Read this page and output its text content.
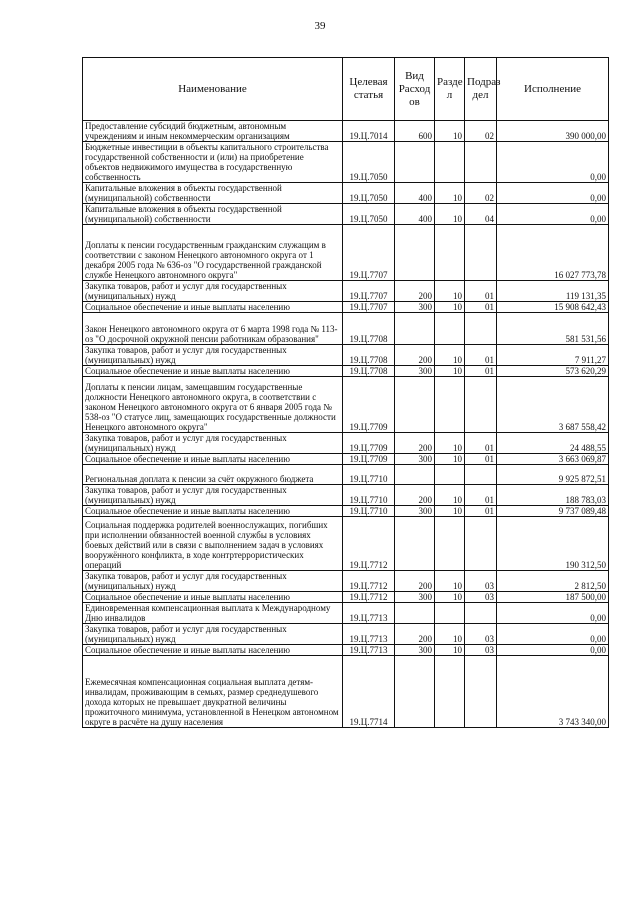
39
Наименование	Целевая статья	Вид Расход ов	Разде л	Подраз дел	Исполнение
Предоставление субсидий бюджетным, автономным учреждениям и иным некоммерческим организациям	19.Ц.7014	600	10	02	390 000,00
Бюджетные инвестиции в объекты капитального строительства государственной собственности и (или) на приобретение объектов недвижимого имущества в государственную собственность	19.Ц.7050				0,00
Капитальные вложения в объекты государственной (муниципальной) собственности	19.Ц.7050	400	10	02	0,00
Капитальные вложения в объекты государственной (муниципальной) собственности	19.Ц.7050	400	10	04	0,00
Доплаты к пенсии государственным гражданским служащим в соответствии с законом Ненецкого автономного округа от 1 декабря 2005 года № 636-оз "О государственной гражданской службе Ненецкого автономного округа"	19.Ц.7707				16 027 773,78
Закупка товаров, работ и услуг для государственных (муниципальных) нужд	19.Ц.7707	200	10	01	119 131,35
Социальное обеспечение и иные выплаты населению	19.Ц.7707	300	10	01	15 908 642,43
Закон Ненецкого автономного округа от 6 марта 1998 года № 113-оз "О досрочной окружной пенсии работникам образования"	19.Ц.7708				581 531,56
Закупка товаров, работ и услуг для государственных (муниципальных) нужд	19.Ц.7708	200	10	01	7 911,27
Социальное обеспечение и иные выплаты населению	19.Ц.7708	300	10	01	573 620,29
Доплаты к пенсии лицам, замещавшим государственные должности Ненецкого автономного округа, в соответствии с законом Ненецкого автономного округа от 6 января 2005 года № 538-оз "О статусе лиц, замещающих государственные должности Ненецкого автономного округа"	19.Ц.7709				3 687 558,42
Закупка товаров, работ и услуг для государственных (муниципальных) нужд	19.Ц.7709	200	10	01	24 488,55
Социальное обеспечение и иные выплаты населению	19.Ц.7709	300	10	01	3 663 069,87
Региональная доплата к пенсии за счёт окружного бюджета	19.Ц.7710				9 925 872,51
Закупка товаров, работ и услуг для государственных (муниципальных) нужд	19.Ц.7710	200	10	01	188 783,03
Социальное обеспечение и иные выплаты населению	19.Ц.7710	300	10	01	9 737 089,48
Социальная поддержка родителей военнослужащих, погибших при исполнении обязанностей военной службы в условиях боевых действий или в связи с выполнением задач в условиях вооружённого конфликта, в ходе контртеррористических операций	19.Ц.7712				190 312,50
Закупка товаров, работ и услуг для государственных (муниципальных) нужд	19.Ц.7712	200	10	03	2 812,50
Социальное обеспечение и иные выплаты населению	19.Ц.7712	300	10	03	187 500,00
Единовременная компенсационная выплата к Международному Дню инвалидов	19.Ц.7713				0,00
Закупка товаров, работ и услуг для государственных (муниципальных) нужд	19.Ц.7713	200	10	03	0,00
Социальное обеспечение и иные выплаты населению	19.Ц.7713	300	10	03	0,00
Ежемесячная компенсационная социальная выплата детям-инвалидам, проживающим в семьях, размер среднедушевого дохода которых не превышает двукратной величины прожиточного минимума, установленной в Ненецком автономном округе в расчёте на душу населения	19.Ц.7714				3 743 340,00
